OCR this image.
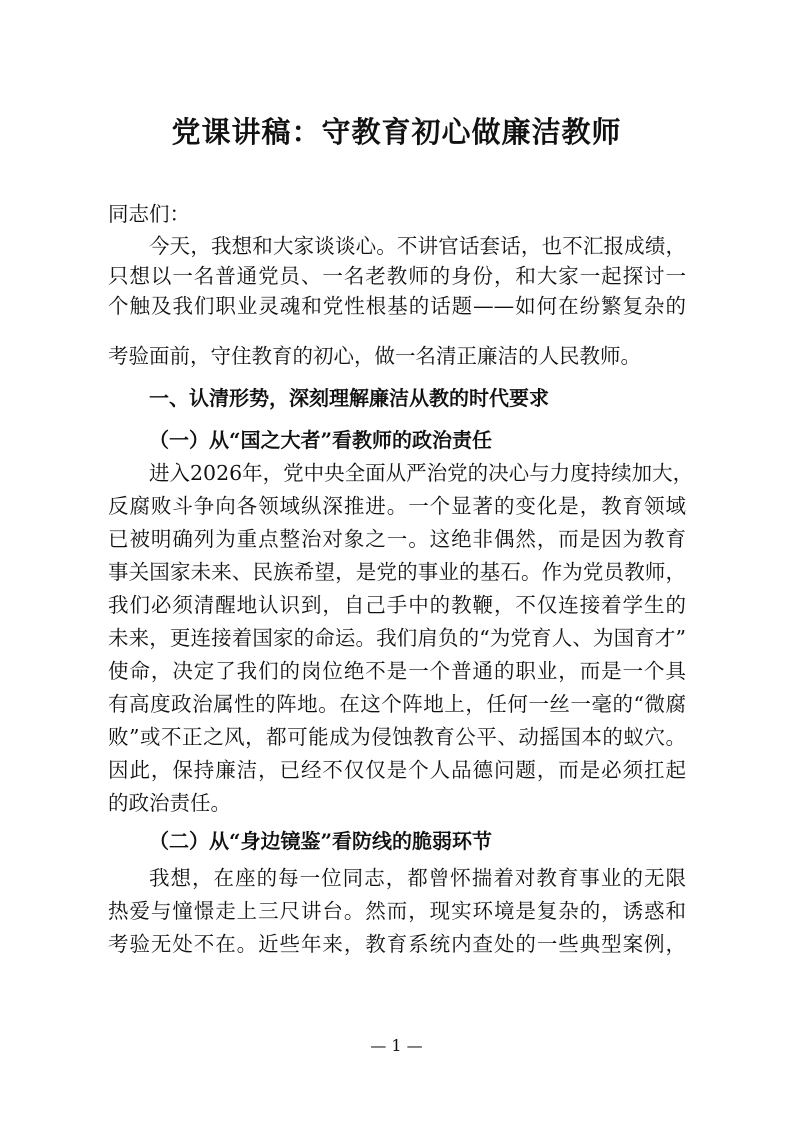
党课讲稿：守教育初心做廉洁教师
同志们：
今天，我想和大家谈谈心。不讲官话套话，也不汇报成绩，
只想以一名普通党员、一名老教师的身份，和大家一起探讨一
个触及我们职业灵魂和党性根基的话题——如何在纷繁复杂的
考验面前，守住教育的初心，做一名清正廉洁的人民教师。
一、认清形势，深刻理解廉洁从教的时代要求
（一）从“国之大者”看教师的政治责任
进入2026年，党中央全面从严治党的决心与力度持续加大，
反腐败斗争向各领域纵深推进。一个显著的变化是，教育领域
已被明确列为重点整治对象之一。这绝非偶然，而是因为教育
事关国家未来、民族希望，是党的事业的基石。作为党员教师，
我们必须清醒地认识到，自己手中的教鞭，不仅连接着学生的
未来，更连接着国家的命运。我们肩负的“为党育人、为国育才”
使命，决定了我们的岗位绝不是一个普通的职业，而是一个具
有高度政治属性的阵地。在这个阵地上，任何一丝一毫的“微腐
败”或不正之风，都可能成为侵蚀教育公平、动摇国本的蚁穴。
因此，保持廉洁，已经不仅仅是个人品德问题，而是必须扛起
的政治责任。
（二）从“身边镜鉴”看防线的脆弱环节
我想，在座的每一位同志，都曾怀揣着对教育事业的无限
热爱与憧憬走上三尺讲台。然而，现实环境是复杂的，诱惑和
考验无处不在。近些年来，教育系统内查处的一些典型案例，
— 1 —
